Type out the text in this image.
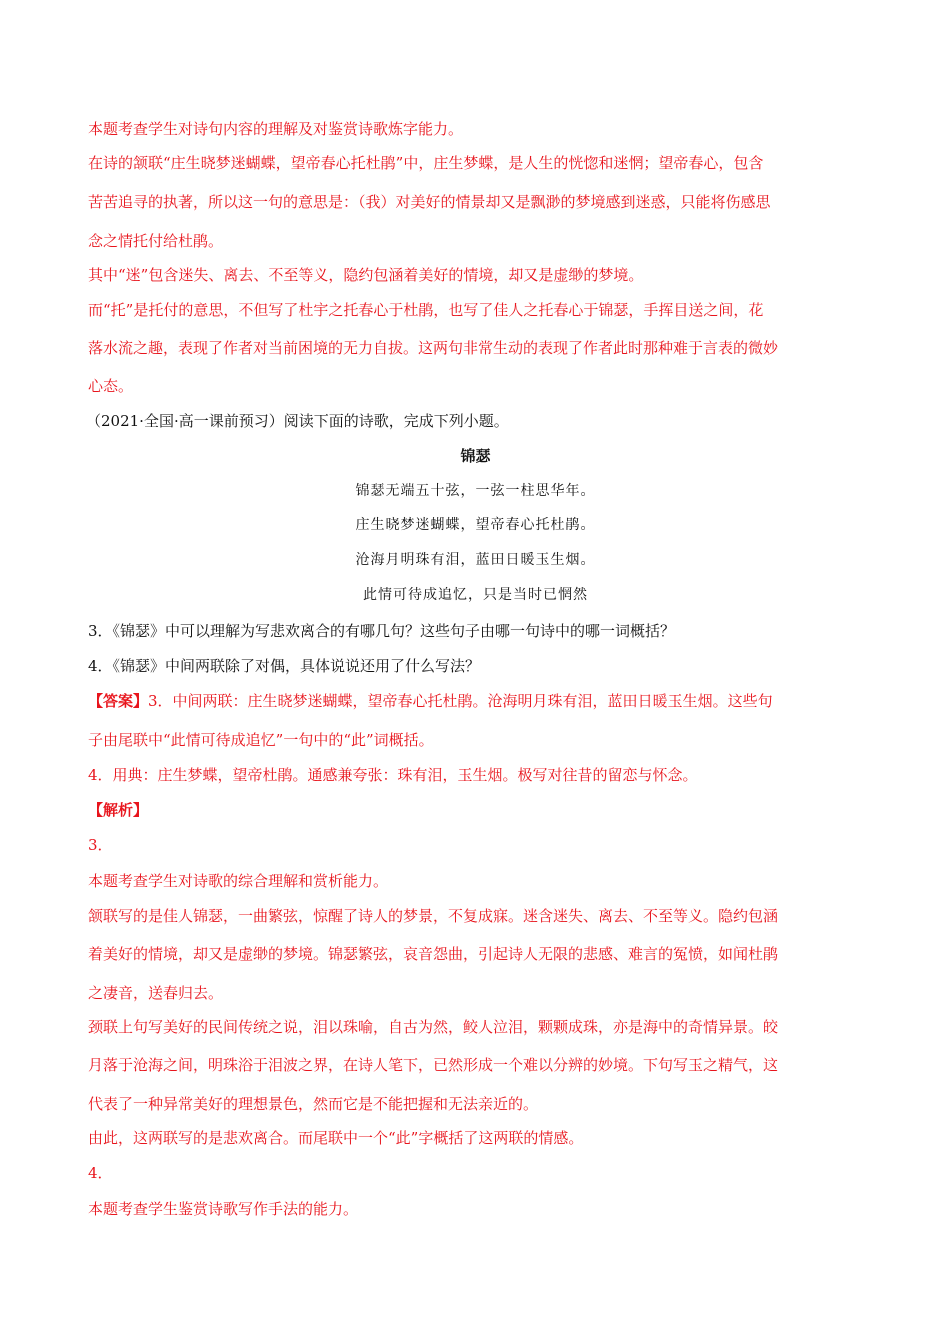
本题考查学生对诗句内容的理解及对鉴赏诗歌炼字能力。
在诗的颔联“庄生晓梦迷蝴蝶，望帝春心托杜鹃”中，庄生梦蝶，是人生的恍惚和迷惘；望帝春心，包含
苦苦追寻的执著，所以这一句的意思是：（我）对美好的情景却又是飘渺的梦境感到迷惑，只能将伤感思
念之情托付给杜鹃。
其中“迷”包含迷失、离去、不至等义，隐约包涵着美好的情境，却又是虚缈的梦境。
而“托”是托付的意思，不但写了杜宇之托春心于杜鹃，也写了佳人之托春心于锦瑟，手挥目送之间，花
落水流之趣，表现了作者对当前困境的无力自拔。这两句非常生动的表现了作者此时那种难于言表的微妙
心态。
（2021·全国·高一课前预习）阅读下面的诗歌，完成下列小题。
锦瑟
锦瑟无端五十弦，一弦一柱思华年。
庄生晓梦迷蝴蝶，望帝春心托杜鹃。
沧海月明珠有泪，蓝田日暖玉生烟。
此情可待成追忆，只是当时已惘然
3．《锦瑟》中可以理解为写悲欢离合的有哪几句？这些句子由哪一句诗中的哪一词概括？
4．《锦瑟》中间两联除了对偶，具体说说还用了什么写法？
【答案】3．中间两联：庄生晓梦迷蝴蝶，望帝春心托杜鹃。沧海明月珠有泪，蓝田日暖玉生烟。这些句
子由尾联中“此情可待成追忆”一句中的“此”词概括。
4．用典：庄生梦蝶，望帝杜鹃。通感兼夸张：珠有泪，玉生烟。极写对往昔的留恋与怀念。
【解析】
3．
本题考查学生对诗歌的综合理解和赏析能力。
颔联写的是佳人锦瑟，一曲繁弦，惊醒了诗人的梦景，不复成寐。迷含迷失、离去、不至等义。隐约包涵
着美好的情境，却又是虚缈的梦境。锦瑟繁弦，哀音怨曲，引起诗人无限的悲感、难言的冤愤，如闻杜鹃
之凄音，送春归去。
颈联上句写美好的民间传统之说，泪以珠喻，自古为然，鲛人泣泪，颗颗成珠，亦是海中的奇情异景。皎
月落于沧海之间，明珠浴于泪波之界，在诗人笔下，已然形成一个难以分辨的妙境。下句写玉之精气，这
代表了一种异常美好的理想景色，然而它是不能把握和无法亲近的。
由此，这两联写的是悲欢离合。而尾联中一个“此”字概括了这两联的情感。
4．
本题考查学生鉴赏诗歌写作手法的能力。
